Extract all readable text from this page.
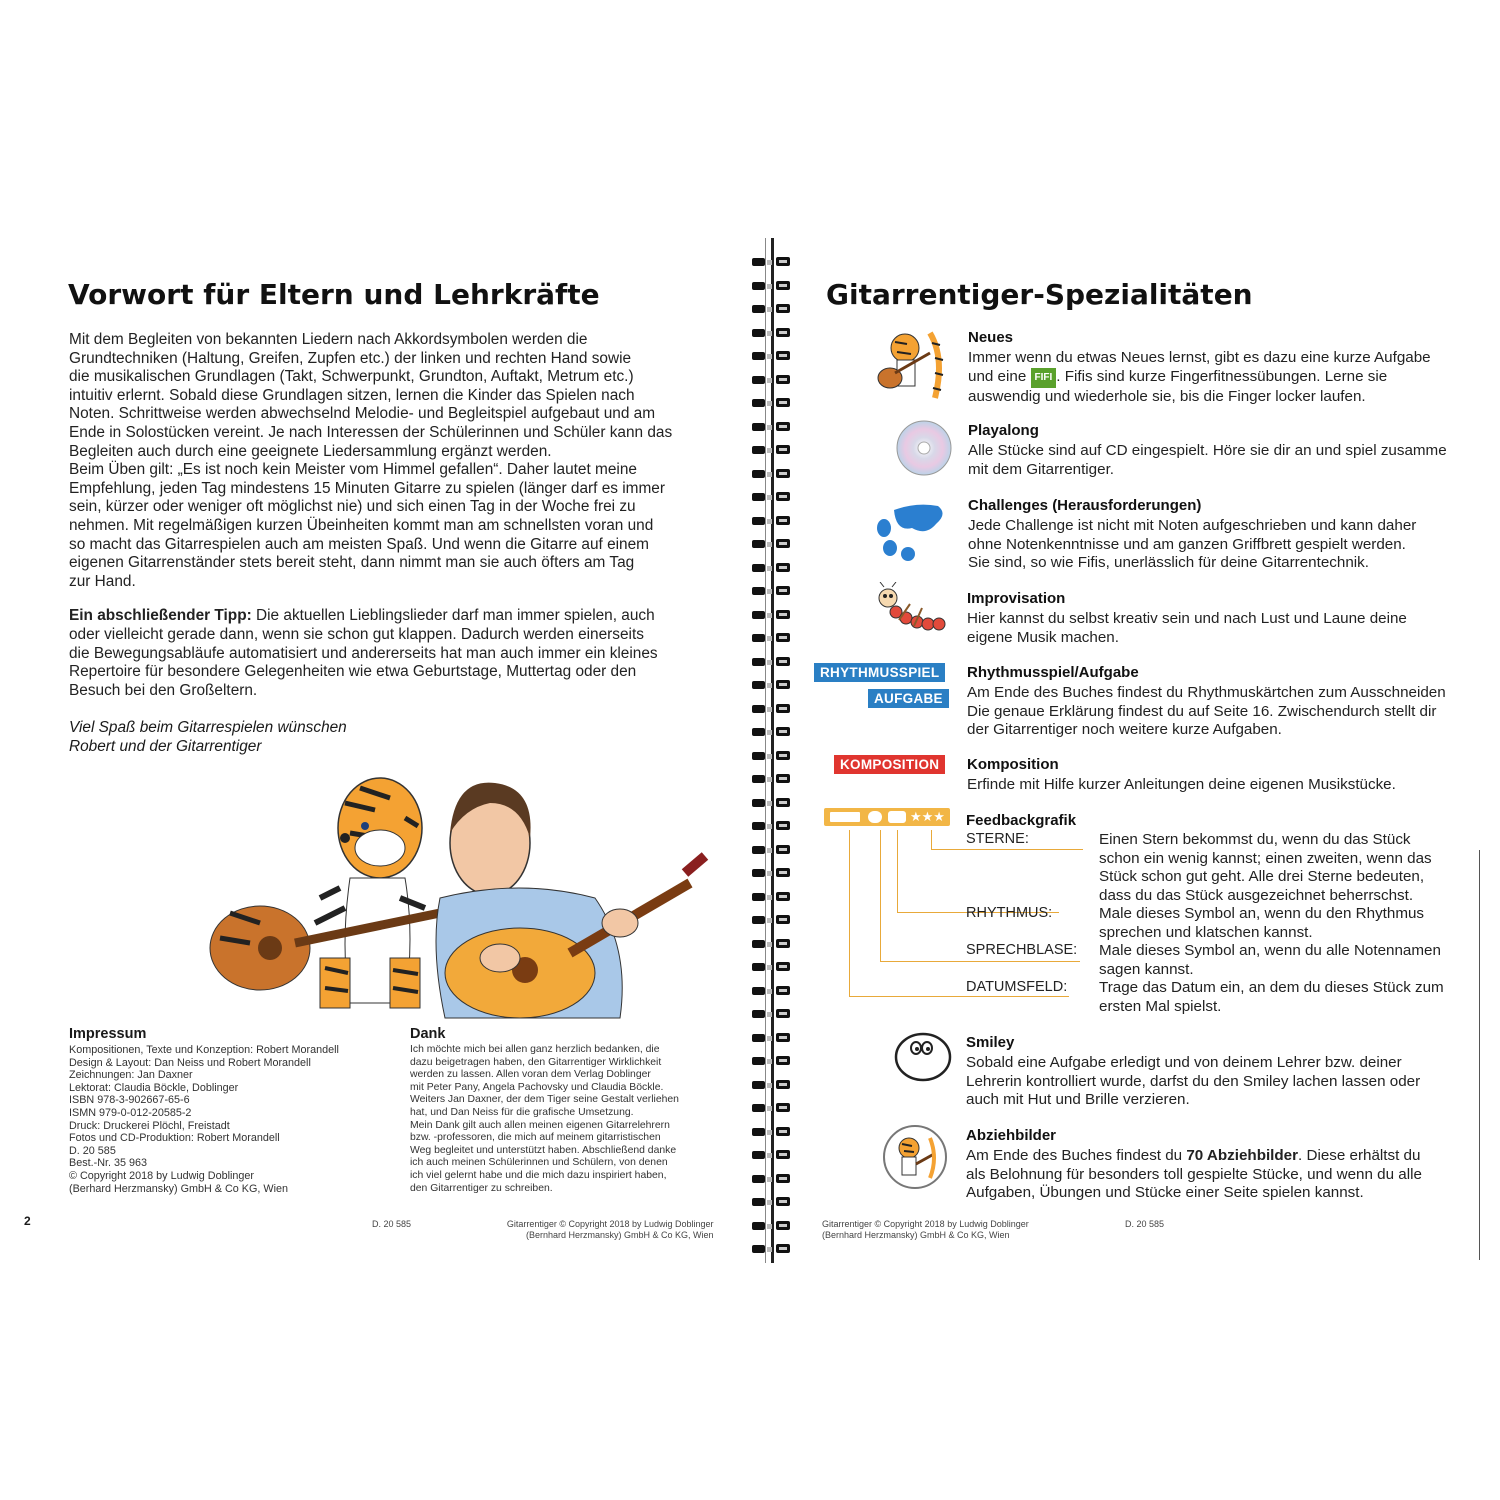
Vorwort für Eltern und Lehrkräfte

Mit dem Begleiten von bekannten Liedern nach Akkordsymbolen werden die

Grundtechniken (Haltung, Greifen, Zupfen etc.) der linken und rechten Hand sowie

die musikalischen Grundlagen (Takt, Schwerpunkt, Grundton, Auftakt, Metrum etc.)

intuitiv erlernt. Sobald diese Grundlagen sitzen, lernen die Kinder das Spielen nach

Noten. Schrittweise werden abwechselnd Melodie- und Begleitspiel aufgebaut und am

Ende in Solostücken vereint. Je nach Interessen der Schülerinnen und Schüler kann das

Begleiten auch durch eine geeignete Liedersammlung ergänzt werden.

Beim Üben gilt: „Es ist noch kein Meister vom Himmel gefallen“. Daher lautet meine

Empfehlung, jeden Tag mindestens 15 Minuten Gitarre zu spielen (länger darf es immer

sein, kürzer oder weniger oft möglichst nie) und sich einen Tag in der Woche frei zu

nehmen. Mit regelmäßigen kurzen Übeinheiten kommt man am schnellsten voran und

so macht das Gitarrespielen auch am meisten Spaß. Und wenn die Gitarre auf einem

eigenen Gitarrenständer stets bereit steht, dann nimmt man sie auch öfters am Tag

zur Hand.

Ein abschließender Tipp: Die aktuellen Lieblingslieder darf man immer spielen, auch

oder vielleicht gerade dann, wenn sie schon gut klappen. Dadurch werden einerseits

die Bewegungsabläufe automatisiert und andererseits hat man auch immer ein kleines

Repertoire für besondere Gelegenheiten wie etwa Geburtstage, Muttertag oder den

Besuch bei den Großeltern.

Viel Spaß beim Gitarrespielen wünschen
Robert und der Gitarrentiger
Impressum
Kompositionen, Texte und Konzeption: Robert Morandell
Design & Layout: Dan Neiss und Robert Morandell
Zeichnungen: Jan Daxner
Lektorat: Claudia Böckle, Doblinger
ISBN 978-3-902667-65-6
ISMN 979-0-012-20585-2
Druck: Druckerei Plöchl, Freistadt
Fotos und CD-Produktion: Robert Morandell
D. 20 585
Best.-Nr. 35 963
© Copyright 2018 by Ludwig Doblinger
(Berhard Herzmansky) GmbH & Co KG, Wien
Dank
Ich möchte mich bei allen ganz herzlich bedanken, die
dazu beigetragen haben, den Gitarrentiger Wirklichkeit
werden zu lassen. Allen voran dem Verlag Doblinger
mit Peter Pany, Angela Pachovsky und Claudia Böckle.
Weiters Jan Daxner, der dem Tiger seine Gestalt verliehen
hat, und Dan Neiss für die grafische Umsetzung.
Mein Dank gilt auch allen meinen eigenen Gitarrelehrern
bzw. -professoren, die mich auf meinem gitarristischen
Weg begleitet und unterstützt haben. Abschließend danke
ich auch meinen Schülerinnen und Schülern, von denen
ich viel gelernt habe und die mich dazu inspiriert haben,
den Gitarrentiger zu schreiben.
2	D. 20 585	Gitarrentiger © Copyright 2018 by Ludwig Doblinger
(Bernhard Herzmansky) GmbH & Co KG, Wien
Gitarrentiger-Spezialitäten
Neues

Immer wenn du etwas Neues lernst, gibt es dazu eine kurze Aufgabe

und eine FIFI . Fifis sind kurze Fingerfitnessübungen. Lerne sie

auswendig und wiederhole sie, bis die Finger locker laufen.

Playalong

Alle Stücke sind auf CD eingespielt. Höre sie dir an und spiel zusamme

mit dem Gitarrentiger.

Challenges (Herausforderungen)

Jede Challenge ist nicht mit Noten aufgeschrieben und kann daher

ohne Notenkenntnisse und am ganzen Griffbrett gespielt werden.

Sie sind, so wie Fifis, unerlässlich für deine Gitarrentechnik.

Improvisation

Hier kannst du selbst kreativ sein und nach Lust und Laune deine

eigene Musik machen.

RHYTHMUSSPIEL
AUFGABE
Rhythmusspiel/Aufgabe

Am Ende des Buches findest du Rhythmuskärtchen zum Ausschneiden

Die genaue Erklärung findest du auf Seite 16. Zwischendurch stellt dir

der Gitarrentiger noch weitere kurze Aufgaben.

KOMPOSITION	Komposition

Erfinde mit Hilfe kurzer Anleitungen deine eigenen Musikstücke.

★★★ Feedbackgrafik
STERNE:	Einen Stern bekommst du, wenn du das Stück

schon ein wenig kannst; einen zweiten, wenn das

Stück schon gut geht. Alle drei Sterne bedeuten,

dass du das Stück ausgezeichnet beherrschst.

RHYTHMUS:	Male dieses Symbol an, wenn du den Rhythmus

sprechen und klatschen kannst.

SPRECHBLASE: Male dieses Symbol an, wenn du alle Notennamen

sagen kannst.

DATUMSFELD: Trage das Datum ein, an dem du dieses Stück zum

ersten Mal spielst.

Smiley

Sobald eine Aufgabe erledigt und von deinem Lehrer bzw. deiner

Lehrerin kontrolliert wurde, darfst du den Smiley lachen lassen oder

auch mit Hut und Brille verzieren.

Abziehbilder

Am Ende des Buches findest du 70 Abziehbilder. Diese erhältst du

als Belohnung für besonders toll gespielte Stücke, und wenn du alle

Aufgaben, Übungen und Stücke einer Seite spielen kannst.

Gitarrentiger © Copyright 2018 by Ludwig Doblinger
(Bernhard Herzmansky) GmbH & Co KG, Wien
D. 20 585
